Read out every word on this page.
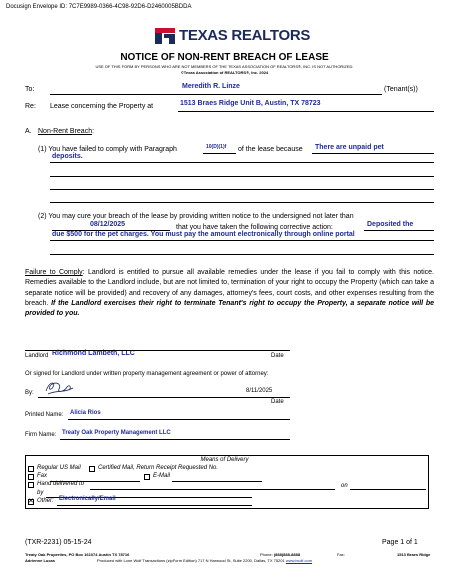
Docusign Envelope ID: 7C7E9989-0366-4C98-92D6-D2460005BDDA
TEXAS REALTORS
NOTICE OF NON-RENT BREACH OF LEASE
USE OF THIS FORM BY PERSONS WHO ARE NOT MEMBERS OF THE TEXAS ASSOCIATION OF REALTORS®, INC. IS NOT AUTHORIZED.
©Texas Association of REALTORS®, Inc. 2024
To:	Meredith R. Linze	(Tenant(s))
Re: Lease concerning the Property at	1513 Braes Ridge Unit B, Austin, TX 78723
A. Non-Rent Breach:
(1) You have failed to comply with Paragraph	10(D)(1)f of the lease because There are unpaid pet
deposits.
(2) You may cure your breach of the lease by providing written notice to the undersigned not later than
08/12/2025	that you have taken the following corrective action:	Deposited the
due $500 for the pet charges. You must pay the amount electronically through online portal
Failure to Comply: Landlord is entitled to pursue all available remedies under the lease if you fail to comply with this notice. Remedies available to the Landlord include, but are not limited to, termination of your right to occupy the Property (which can take a separate notice will be provided) and recovery of any damages, attorney's fees, court costs, and other expenses resulting from the breach. If the Landlord exercises their right to terminate Tenant's right to occupy the Property, a separate notice will be provided to you.
Landlord Richmond Lambeth, LLC	Date
Or signed for Landlord under written property management agreement or power of attorney:
By:	8/11/2025
Date
Printed Name: Alicia Rios
Firm Name: Treaty Oak Property Management LLC
Means of Delivery
Regular US Mail	Certified Mail, Return Receipt Requested No.
Fax	E-Mail
Hand delivered to	on
by
✕
Other: Electronically/Email
(TXR-2231) 05-15-24	Page 1 of 1
Treaty Oak Properties, PO Box 161074 Austin TX 78716
Adrienne Lucas
Phone: (888)888-8888	Fax:	1513 Braes Ridge
Produced with Lone Wolf Transactions (zipForm Edition) 717 N Harwood St, Suite 2200, Dallas, TX 75201 www.lwolf.com
